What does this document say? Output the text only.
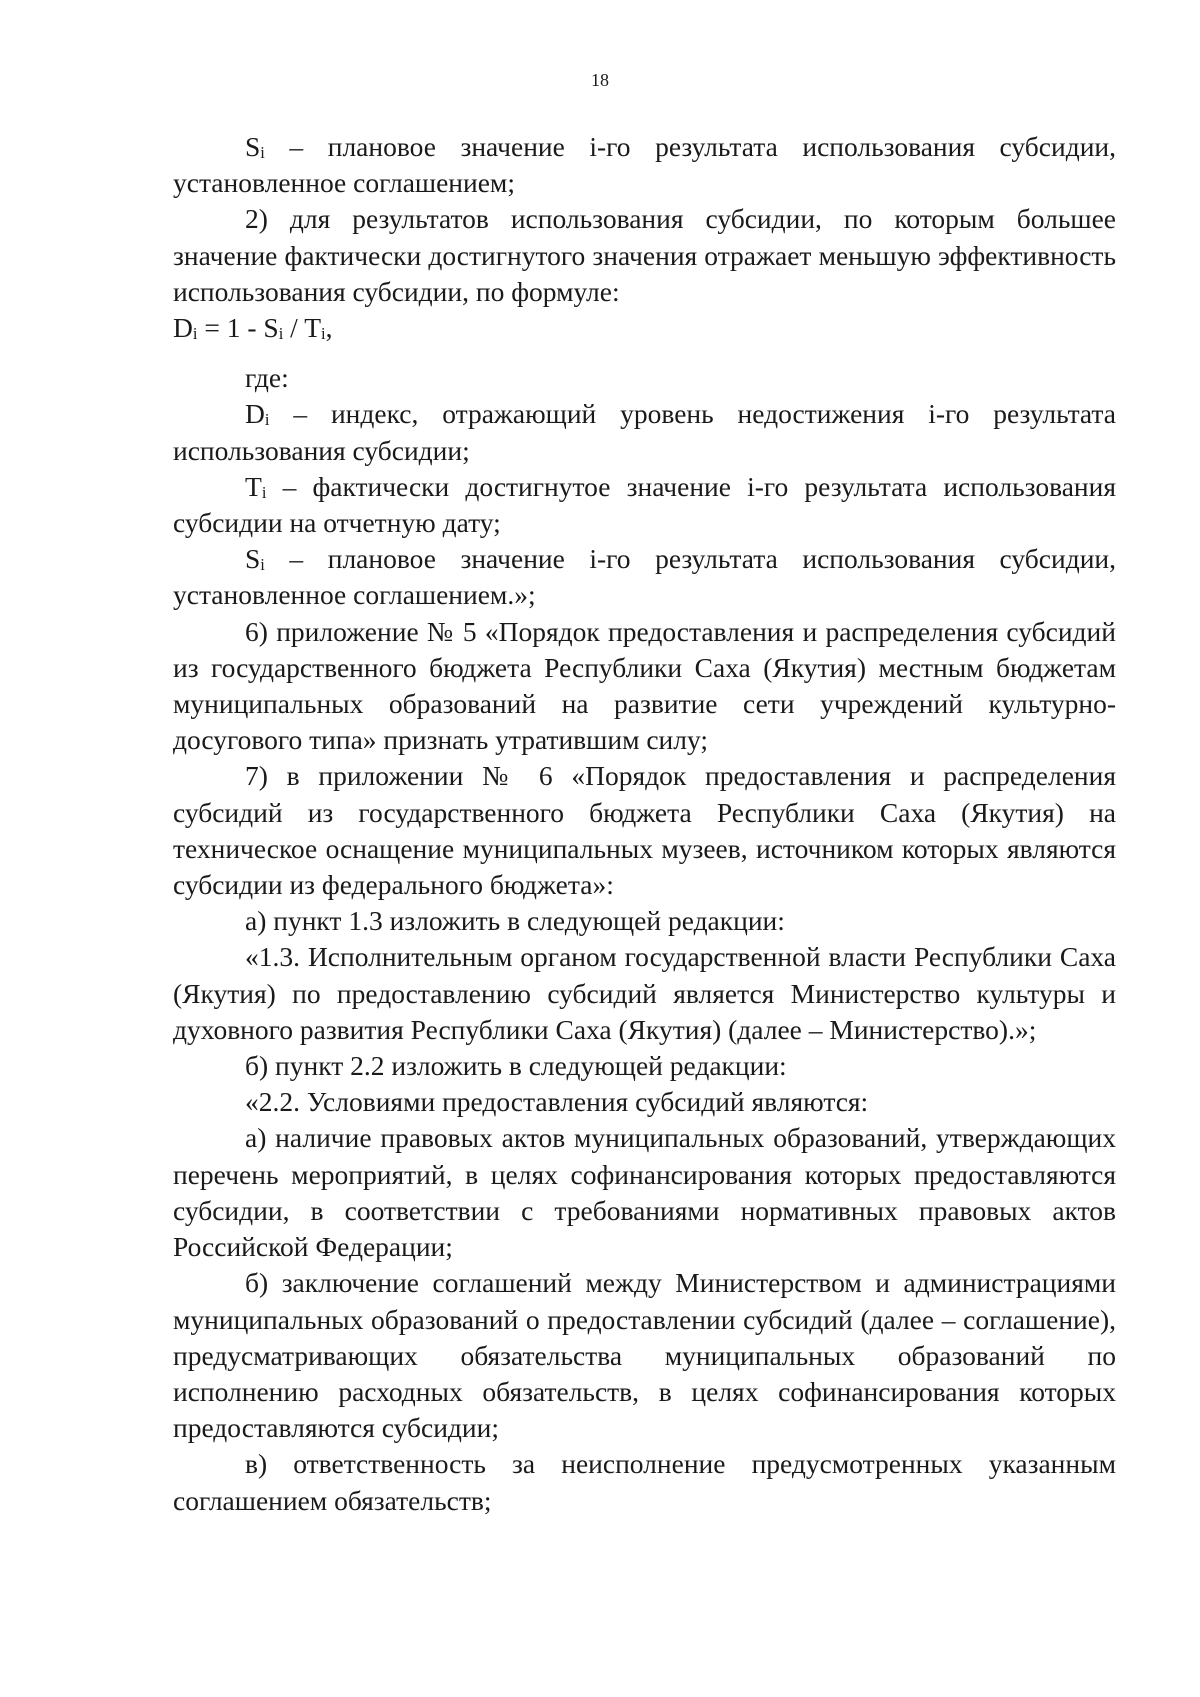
18

$S_i$ – плановое значение i-го результата использования субсидии, установленное соглашением;

2) для результатов использования субсидии, по которым большее значение фактически достигнутого значения отражает меньшую эффективность использования субсидии, по формуле:

$D_i = 1 - S_i / T_i$,

где:

$D_i$ – индекс, отражающий уровень недостижения i-го результата использования субсидии;

$T_i$ – фактически достигнутое значение i-го результата использования субсидии на отчетную дату;

$S_i$ – плановое значение i-го результата использования субсидии, установленное соглашением.»;

6) приложение № 5 «Порядок предоставления и распределения субсидий из государственного бюджета Республики Саха (Якутия) местным бюджетам муниципальных образований на развитие сети учреждений культурно-досугового типа» признать утратившим силу;

7) в приложении № 6 «Порядок предоставления и распределения субсидий из государственного бюджета Республики Саха (Якутия) на техническое оснащение муниципальных музеев, источником которых являются субсидии из федерального бюджета»:

а) пункт 1.3 изложить в следующей редакции:

«1.3. Исполнительным органом государственной власти Республики Саха (Якутия) по предоставлению субсидий является Министерство культуры и духовного развития Республики Саха (Якутия) (далее – Министерство).»;

б) пункт 2.2 изложить в следующей редакции:

«2.2. Условиями предоставления субсидий являются:

а) наличие правовых актов муниципальных образований, утверждающих перечень мероприятий, в целях софинансирования которых предоставляются субсидии, в соответствии с требованиями нормативных правовых актов Российской Федерации;

б) заключение соглашений между Министерством и администрациями муниципальных образований о предоставлении субсидий (далее – соглашение), предусматривающих обязательства муниципальных образований по исполнению расходных обязательств, в целях софинансирования которых предоставляются субсидии;

в) ответственность за неисполнение предусмотренных указанным соглашением обязательств;
